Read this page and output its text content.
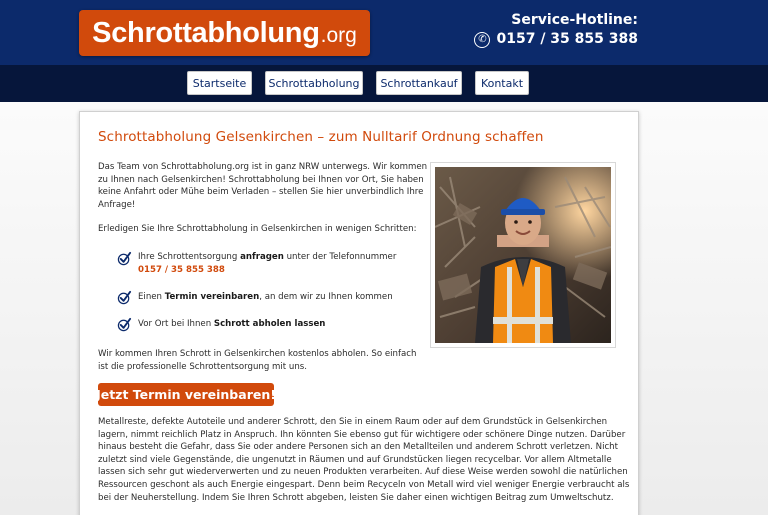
Schrottabholung .org
Service-Hotline:
✆ 0157 / 35 855 388
Startseite	Schrottabholung	Schrottankauf	Kontakt
Schrottabholung Gelsenkirchen – zum Nulltarif Ordnung schaffen
Das Team von Schrottabholung.org ist in ganz NRW unterwegs. Wir kommen
zu Ihnen nach Gelsenkirchen! Schrottabholung bei Ihnen vor Ort, Sie haben
keine Anfahrt oder Mühe beim Verladen – stellen Sie hier unverbindlich Ihre
Anfrage!
Erledigen Sie Ihre Schrottabholung in Gelsenkirchen in wenigen Schritten:
Ihre Schrottentsorgung anfragen unter der Telefonnummer
0157 / 35 855 388
Einen Termin vereinbaren, an dem wir zu Ihnen kommen
Vor Ort bei Ihnen Schrott abholen lassen
Wir kommen Ihren Schrott in Gelsenkirchen kostenlos abholen. So einfach
ist die professionelle Schrottentsorgung mit uns.
Jetzt Termin vereinbaren!
Metallreste, defekte Autoteile und anderer Schrott, den Sie in einem Raum oder auf dem Grundstück in Gelsenkirchen
lagern, nimmt reichlich Platz in Anspruch. Ihn könnten Sie ebenso gut für wichtigere oder schönere Dinge nutzen. Darüber
hinaus besteht die Gefahr, dass Sie oder andere Personen sich an den Metallteilen und anderem Schrott verletzen. Nicht
zuletzt sind viele Gegenstände, die ungenutzt in Räumen und auf Grundstücken liegen recycelbar. Vor allem Altmetalle
lassen sich sehr gut wiederverwerten und zu neuen Produkten verarbeiten. Auf diese Weise werden sowohl die natürlichen
Ressourcen geschont als auch Energie eingespart. Denn beim Recyceln von Metall wird viel weniger Energie verbraucht als
bei der Neuherstellung. Indem Sie Ihren Schrott abgeben, leisten Sie daher einen wichtigen Beitrag zum Umweltschutz.
